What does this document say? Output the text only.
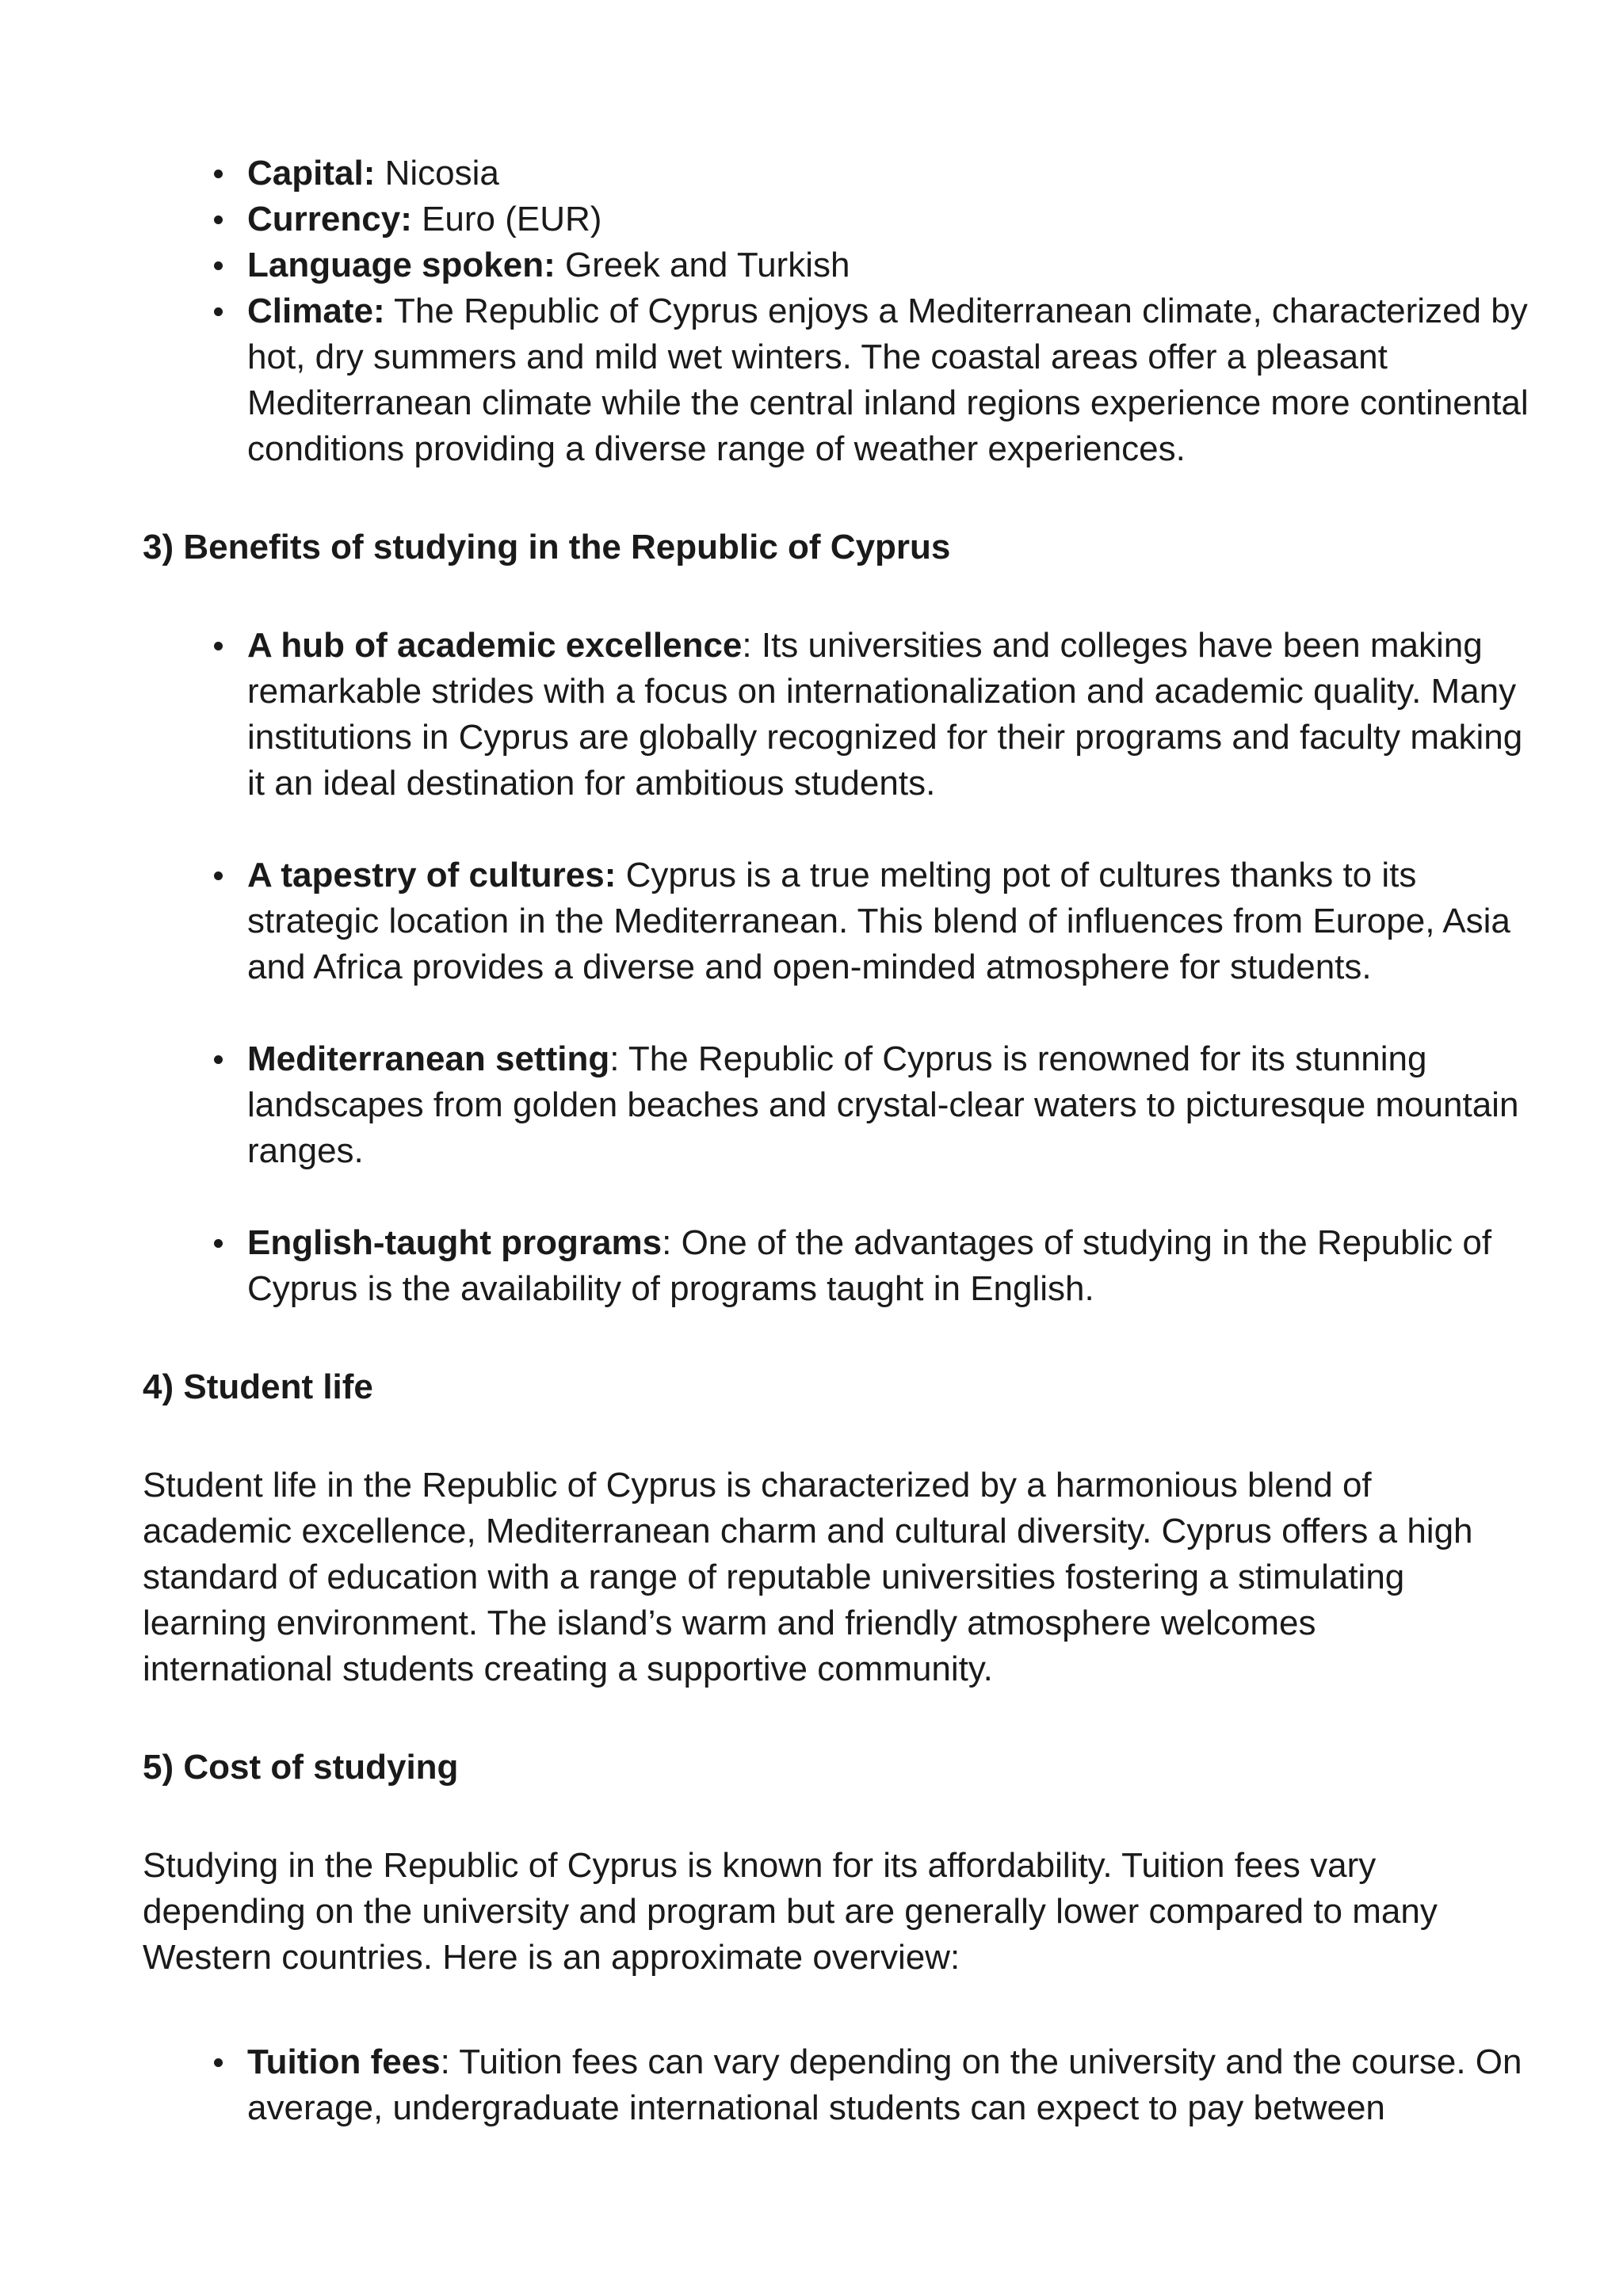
Capital: Nicosia
Currency: Euro (EUR)
Language spoken: Greek and Turkish
Climate: The Republic of Cyprus enjoys a Mediterranean climate, characterized by hot, dry summers and mild wet winters. The coastal areas offer a pleasant Mediterranean climate while the central inland regions experience more continental conditions providing a diverse range of weather experiences.
3) Benefits of studying in the Republic of Cyprus
A hub of academic excellence: Its universities and colleges have been making remarkable strides with a focus on internationalization and academic quality. Many institutions in Cyprus are globally recognized for their programs and faculty making it an ideal destination for ambitious students.
A tapestry of cultures: Cyprus is a true melting pot of cultures thanks to its strategic location in the Mediterranean. This blend of influences from Europe, Asia and Africa provides a diverse and open-minded atmosphere for students.
Mediterranean setting: The Republic of Cyprus is renowned for its stunning landscapes from golden beaches and crystal-clear waters to picturesque mountain ranges.
English-taught programs: One of the advantages of studying in the Republic of Cyprus is the availability of programs taught in English.
4) Student life

Student life in the Republic of Cyprus is characterized by a harmonious blend of academic excellence, Mediterranean charm and cultural diversity. Cyprus offers a high standard of education with a range of reputable universities fostering a stimulating learning environment. The island’s warm and friendly atmosphere welcomes international students creating a supportive community.

5) Cost of studying

Studying in the Republic of Cyprus is known for its affordability. Tuition fees vary depending on the university and program but are generally lower compared to many Western countries. Here is an approximate overview:

Tuition fees: Tuition fees can vary depending on the university and the course. On average, undergraduate international students can expect to pay between
